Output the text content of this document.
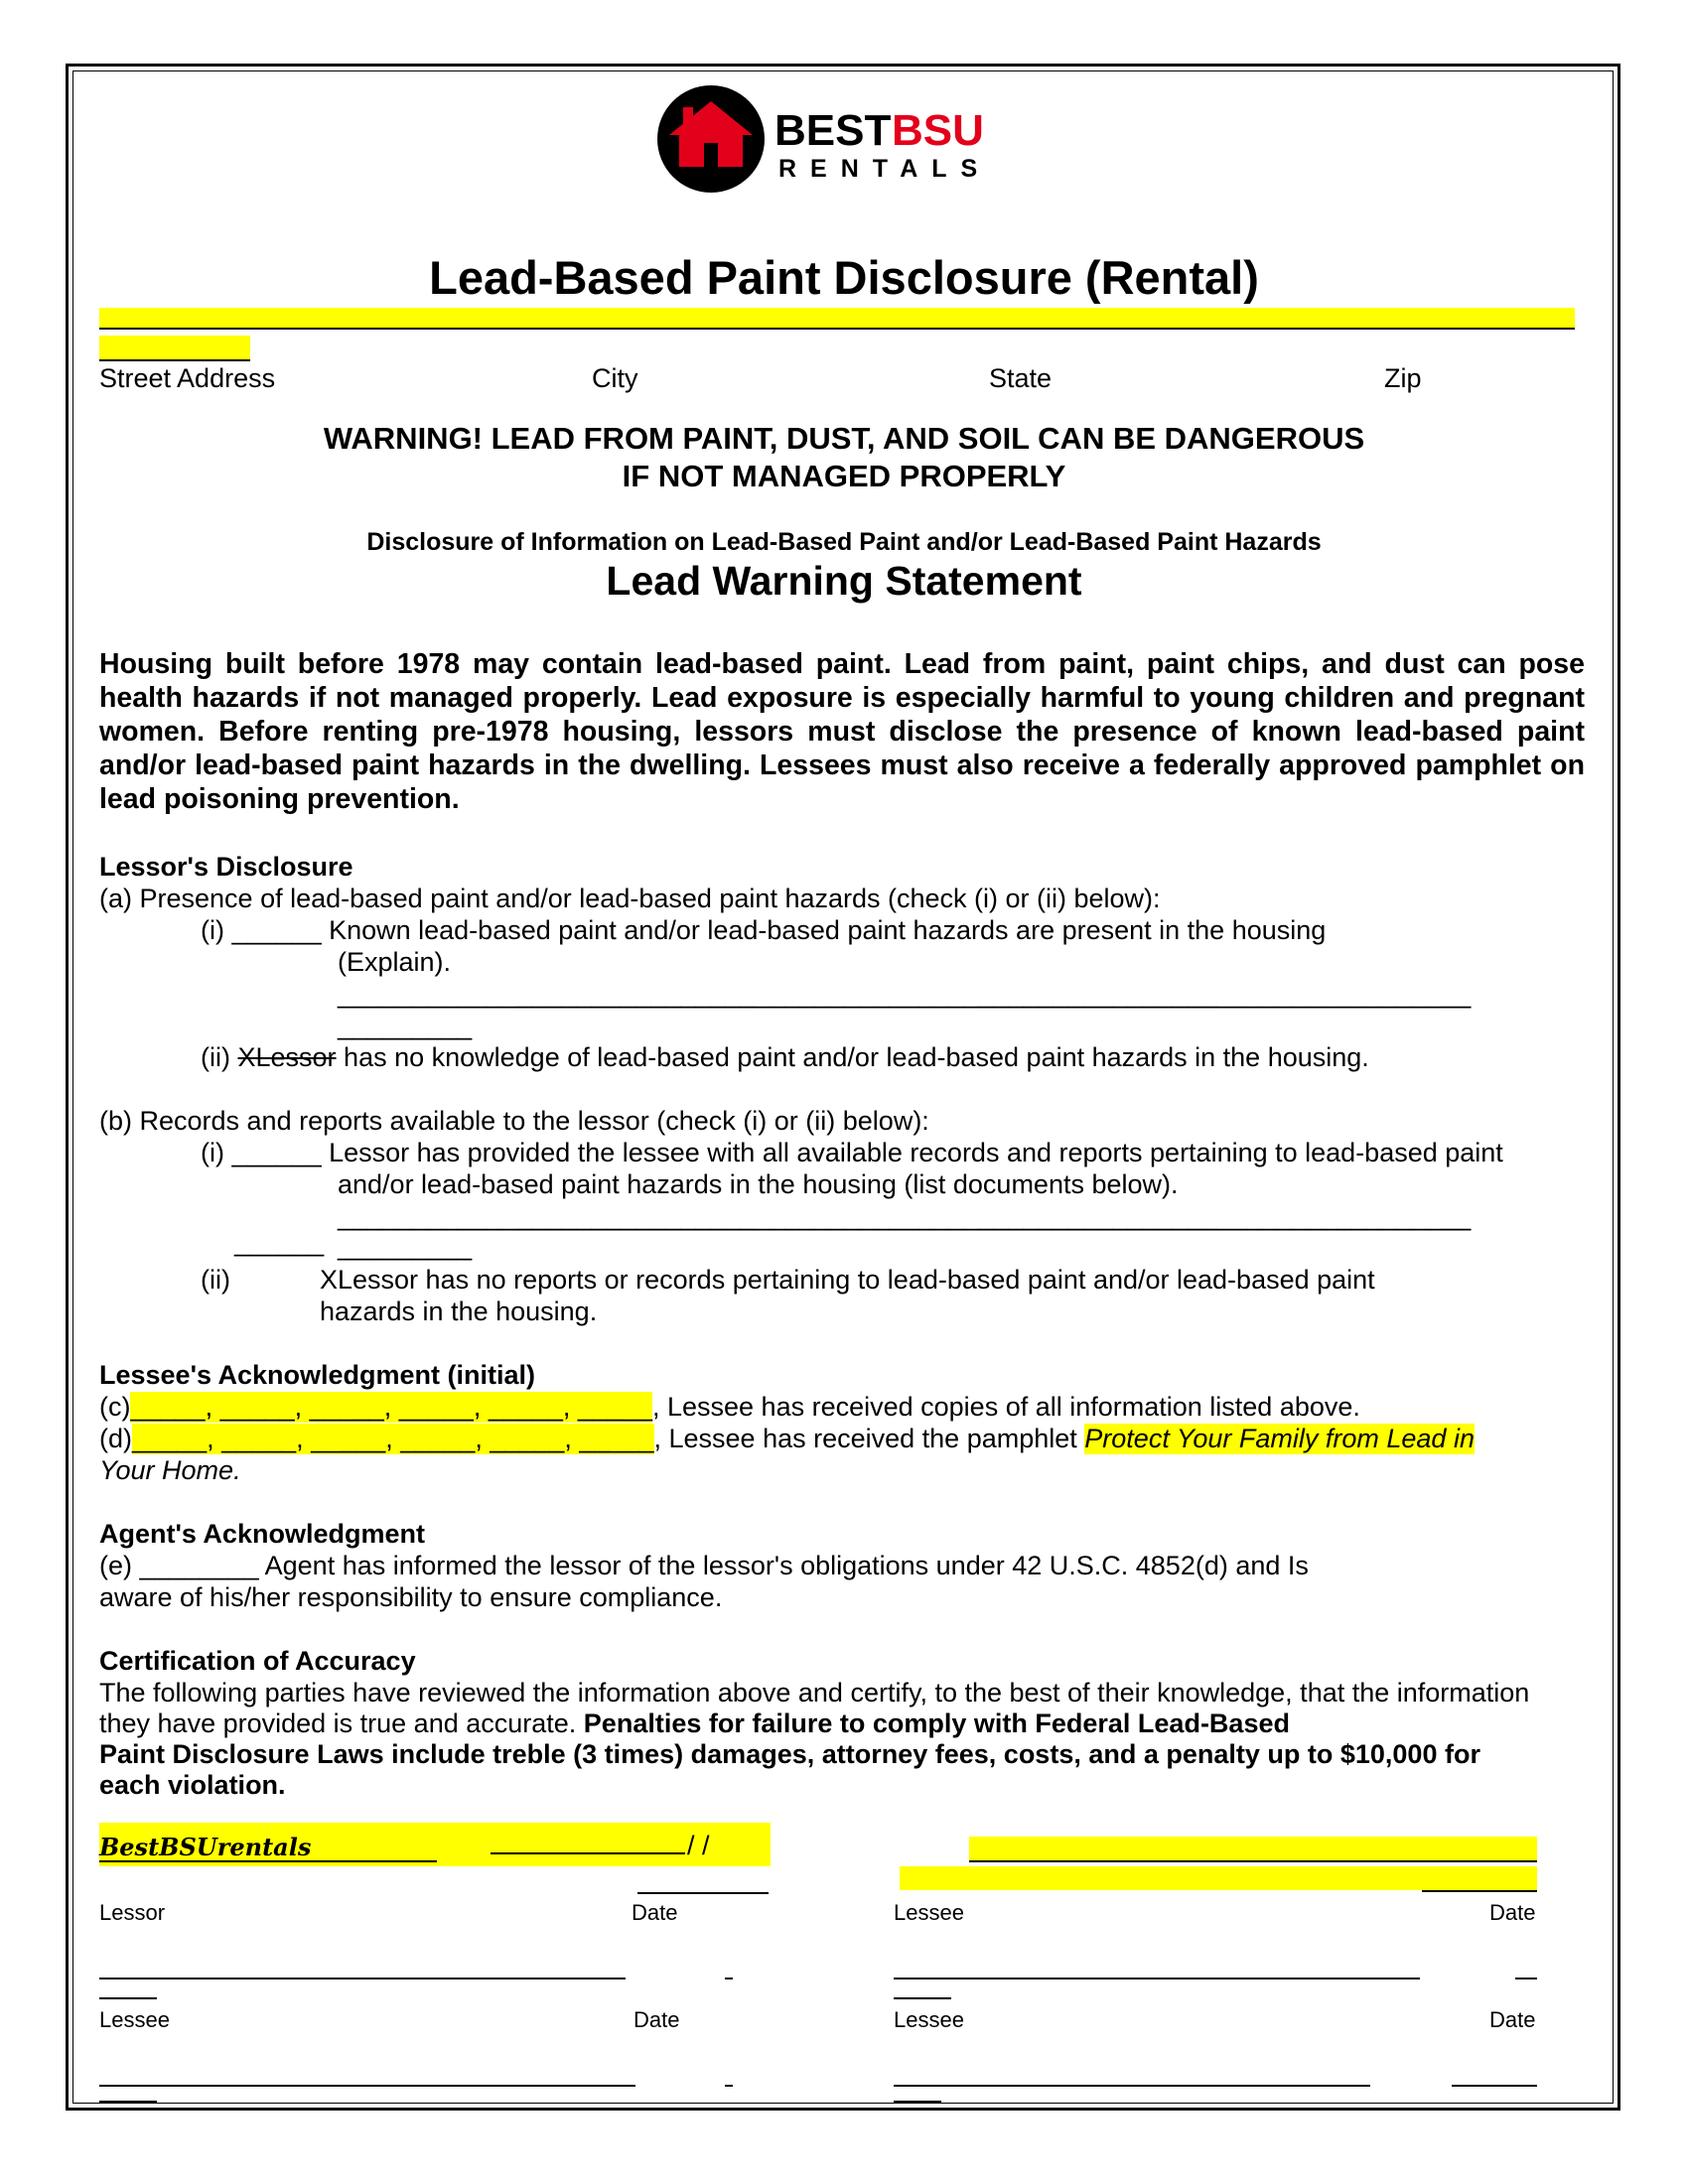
BEST BSU
RENTALS
Lead-Based Paint Disclosure (Rental)
Street Address	City	State	Zip
WARNING! LEAD FROM PAINT, DUST, AND SOIL CAN BE DANGEROUS
IF NOT MANAGED PROPERLY
Disclosure of Information on Lead-Based Paint and/or Lead-Based Paint Hazards
Lead Warning Statement
Housing built before 1978 may contain lead-based paint. Lead from paint, paint chips, and dust can pose health hazards if not managed properly. Lead exposure is especially harmful to young children and pregnant women. Before renting pre-1978 housing, lessors must disclose the presence of known lead-based paint and/or lead-based paint hazards in the dwelling. Lessees must also receive a federally approved pamphlet on lead poisoning prevention.
Lessor's Disclosure
(a) Presence of lead-based paint and/or lead-based paint hazards (check (i) or (ii) below):
(i) ______ Known lead-based paint and/or lead-based paint hazards are present in the housing
(Explain).
____________________________________________________________________________
_________
(ii) XLessor has no knowledge of lead-based paint and/or lead-based paint hazards in the housing.
(b) Records and reports available to the lessor (check (i) or (ii) below):
(i) ______ Lessor has provided the lessee with all available records and reports pertaining to lead-based paint
and/or lead-based paint hazards in the housing (list documents below).
____________________________________________________________________________
______ _________
(ii)	XLessor has no reports or records pertaining to lead-based paint and/or lead-based paint
hazards in the housing.
Lessee's Acknowledgment (initial)
(c)_____, _____, _____, _____, _____, _____, Lessee has received copies of all information listed above.
(d)_____, _____, _____, _____, _____, _____, Lessee has received the pamphlet Protect Your Family from Lead in
Your Home.
Agent's Acknowledgment
(e) ________ Agent has informed the lessor of the lessor's obligations under 42 U.S.C. 4852(d) and Is
aware of his/her responsibility to ensure compliance.
Certification of Accuracy
The following parties have reviewed the information above and certify, to the best of their knowledge, that the information
they have provided is true and accurate. Penalties for failure to comply with Federal Lead-Based
Paint Disclosure Laws include treble (3 times) damages, attorney fees, costs, and a penalty up to $10,000 for
each violation.
BestBSUrentals	/ /
Lessor	Date	Lessee	Date
Lessee	Date	Lessee	Date
